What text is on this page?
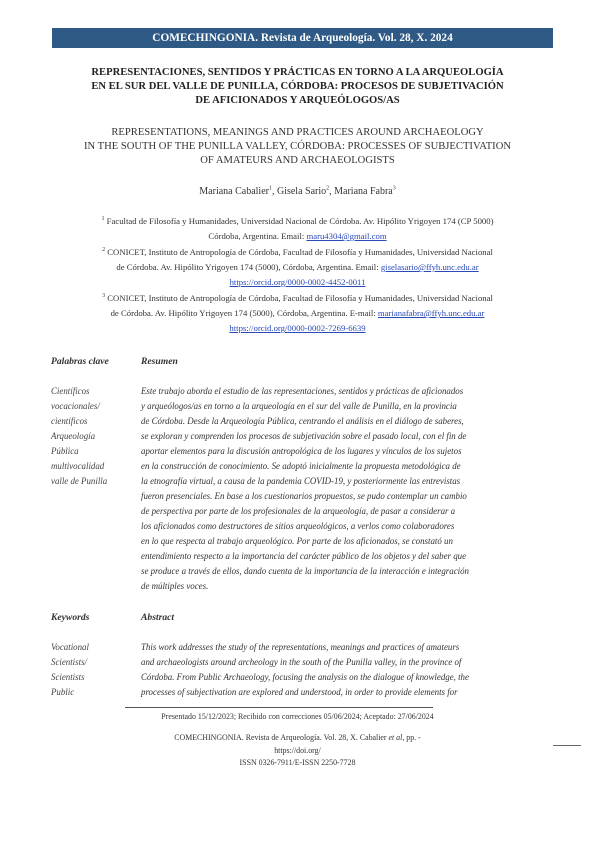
COMECHINGONIA. Revista de Arqueología. Vol. 28, X. 2024
REPRESENTACIONES, SENTIDOS Y PRÁCTICAS EN TORNO A LA ARQUEOLOGÍA
EN EL SUR DEL VALLE DE PUNILLA, CÓRDOBA: PROCESOS DE SUBJETIVACIÓN
DE AFICIONADOS Y ARQUEÓLOGOS/AS
REPRESENTATIONS, MEANINGS AND PRACTICES AROUND ARCHAEOLOGY
IN THE SOUTH OF THE PUNILLA VALLEY, CÓRDOBA: PROCESSES OF SUBJECTIVATION
OF AMATEURS AND ARCHAEOLOGISTS
Mariana Cabalier$^1$, Gisela Sario$^2$, Mariana Fabra$^3$
$^1$ Facultad de Filosofía y Humanidades, Universidad Nacional de Córdoba. Av. Hipólito Yrigoyen 174 (CP 5000)
Córdoba, Argentina. Email: maru4304@gmail.com
$^2$ CONICET, Instituto de Antropología de Córdoba, Facultad de Filosofía y Humanidades, Universidad Nacional
de Córdoba. Av. Hipólito Yrigoyen 174 (5000), Córdoba, Argentina. Email: giselasario@ffyh.unc.edu.ar
https://orcid.org/0000-0002-4452-0011
$^3$ CONICET, Instituto de Antropología de Córdoba, Facultad de Filosofía y Humanidades, Universidad Nacional
de Córdoba. Av. Hipólito Yrigoyen 174 (5000), Córdoba, Argentina. E-mail: marianafabra@ffyh.unc.edu.ar
https://orcid.org/0000-0002-7269-6639
Palabras clave	Resumen
Científicos
vocacionales/
científicos
Arqueología
Pública
multivocalidad
valle de Punilla
Este trabajo aborda el estudio de las representaciones, sentidos y prácticas de aficionados
y arqueólogos/as en torno a la arqueología en el sur del valle de Punilla, en la provincia
de Córdoba. Desde la Arqueología Pública, centrando el análisis en el diálogo de saberes,
se exploran y comprenden los procesos de subjetivación sobre el pasado local, con el fin de
aportar elementos para la discusión antropológica de los lugares y vínculos de los sujetos
en la construcción de conocimiento. Se adoptó inicialmente la propuesta metodológica de
la etnografía virtual, a causa de la pandemia COVID-19, y posteriormente las entrevistas
fueron presenciales. En base a los cuestionarios propuestos, se pudo contemplar un cambio
de perspectiva por parte de los profesionales de la arqueología, de pasar a considerar a
los aficionados como destructores de sitios arqueológicos, a verlos como colaboradores
en lo que respecta al trabajo arqueológico. Por parte de los aficionados, se constató un
entendimiento respecto a la importancia del carácter público de los objetos y del saber que
se produce a través de ellos, dando cuenta de la importancia de la interacción e integración
de múltiples voces.
Keywords	Abstract
Vocational
Scientists/
Scientists
Public
This work addresses the study of the representations, meanings and practices of amateurs
and archaeologists around archeology in the south of the Punilla valley, in the province of
Córdoba. From Public Archaeology, focusing the analysis on the dialogue of knowledge, the
processes of subjectivation are explored and understood, in order to provide elements for
Presentado 15/12/2023; Recibido con correcciones 05/06/2024; Aceptado: 27/06/2024
COMECHINGONIA. Revista de Arqueología. Vol. 28, X. Cabalier et al, pp. -
https://doi.org/
ISSN 0326-7911/E-ISSN 2250-7728
